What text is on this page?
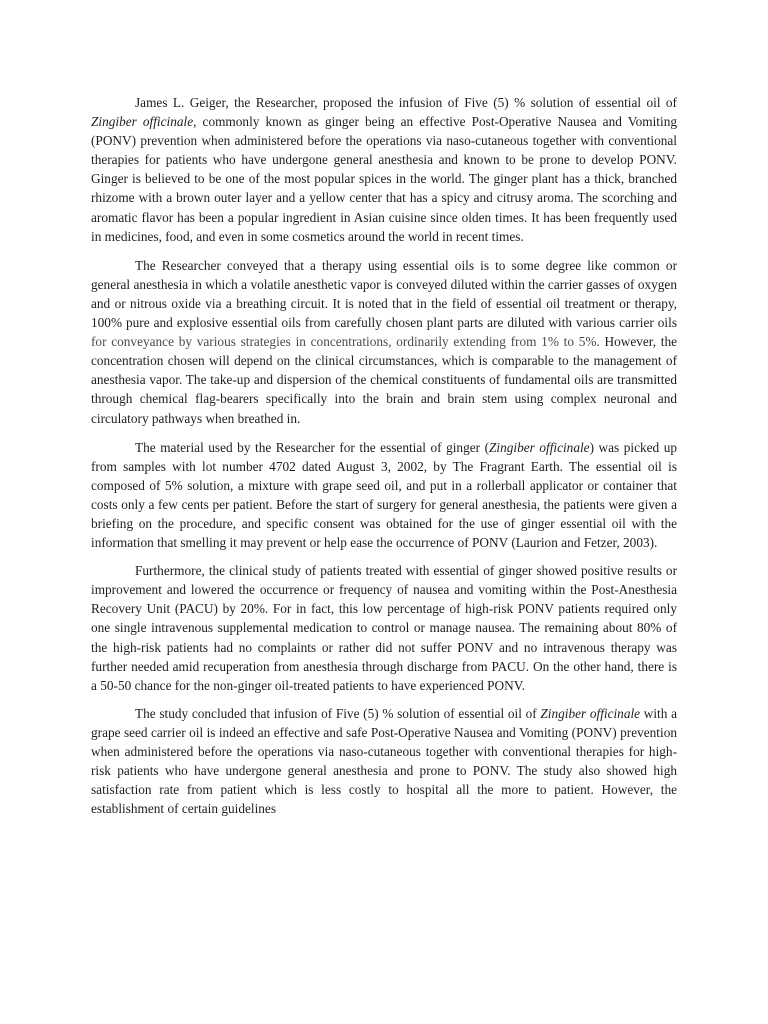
James L. Geiger, the Researcher, proposed the infusion of Five (5) % solution of essential oil of Zingiber officinale, commonly known as ginger being an effective Post-Operative Nausea and Vomiting (PONV) prevention when administered before the operations via naso-cutaneous together with conventional therapies for patients who have undergone general anesthesia and known to be prone to develop PONV. Ginger is believed to be one of the most popular spices in the world. The ginger plant has a thick, branched rhizome with a brown outer layer and a yellow center that has a spicy and citrusy aroma. The scorching and aromatic flavor has been a popular ingredient in Asian cuisine since olden times. It has been frequently used in medicines, food, and even in some cosmetics around the world in recent times.

The Researcher conveyed that a therapy using essential oils is to some degree like common or general anesthesia in which a volatile anesthetic vapor is conveyed diluted within the carrier gasses of oxygen and or nitrous oxide via a breathing circuit. It is noted that in the field of essential oil treatment or therapy, 100% pure and explosive essential oils from carefully chosen plant parts are diluted with various carrier oils for conveyance by various strategies in concentrations, ordinarily extending from 1% to 5%. However, the concentration chosen will depend on the clinical circumstances, which is comparable to the management of anesthesia vapor. The take-up and dispersion of the chemical constituents of fundamental oils are transmitted through chemical flag-bearers specifically into the brain and brain stem using complex neuronal and circulatory pathways when breathed in.

The material used by the Researcher for the essential of ginger (Zingiber officinale) was picked up from samples with lot number 4702 dated August 3, 2002, by The Fragrant Earth. The essential oil is composed of 5% solution, a mixture with grape seed oil, and put in a rollerball applicator or container that costs only a few cents per patient. Before the start of surgery for general anesthesia, the patients were given a briefing on the procedure, and specific consent was obtained for the use of ginger essential oil with the information that smelling it may prevent or help ease the occurrence of PONV (Laurion and Fetzer, 2003).

Furthermore, the clinical study of patients treated with essential of ginger showed positive results or improvement and lowered the occurrence or frequency of nausea and vomiting within the Post-Anesthesia Recovery Unit (PACU) by 20%. For in fact, this low percentage of high-risk PONV patients required only one single intravenous supplemental medication to control or manage nausea. The remaining about 80% of the high-risk patients had no complaints or rather did not suffer PONV and no intravenous therapy was further needed amid recuperation from anesthesia through discharge from PACU. On the other hand, there is a 50-50 chance for the non-ginger oil-treated patients to have experienced PONV.

The study concluded that infusion of Five (5) % solution of essential oil of Zingiber officinale with a grape seed carrier oil is indeed an effective and safe Post-Operative Nausea and Vomiting (PONV) prevention when administered before the operations via naso-cutaneous together with conventional therapies for high-risk patients who have undergone general anesthesia and prone to PONV. The study also showed high satisfaction rate from patient which is less costly to hospital all the more to patient. However, the establishment of certain guidelines
